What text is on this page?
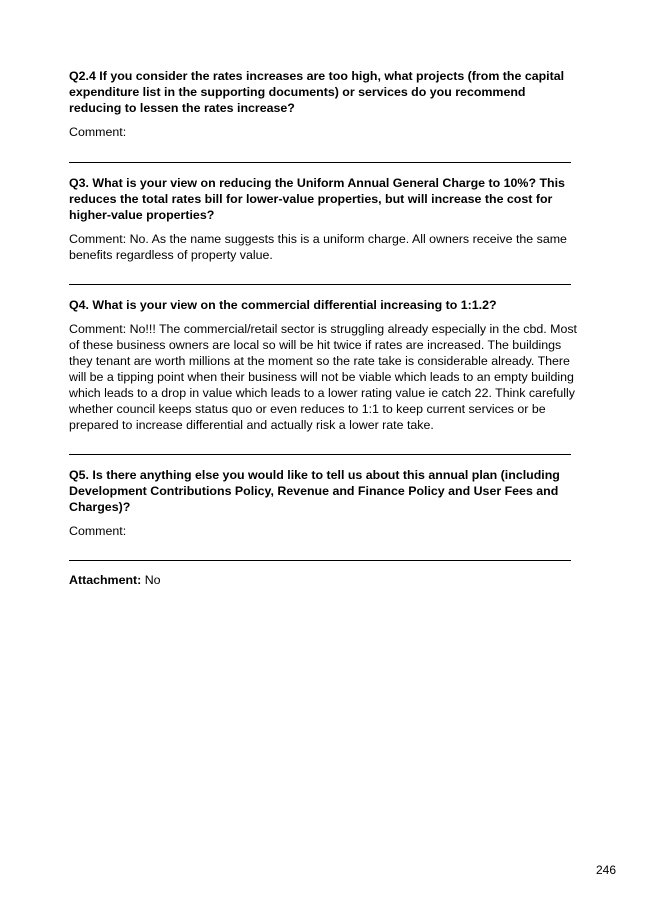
Q2.4 If you consider the rates increases are too high, what projects (from the capital expenditure list in the supporting documents) or services do you recommend reducing to lessen the rates increase?

Comment:

Q3. What is your view on reducing the Uniform Annual General Charge to 10%? This reduces the total rates bill for lower-value properties, but will increase the cost for higher-value properties?

Comment: No. As the name suggests this is a uniform charge. All owners receive the same benefits regardless of property value.

Q4. What is your view on the commercial differential increasing to 1:1.2?

Comment: No!!! The commercial/retail sector is struggling already especially in the cbd. Most of these business owners are local so will be hit twice if rates are increased. The buildings they tenant are worth millions at the moment so the rate take is considerable already. There will be a tipping point when their business will not be viable which leads to an empty building which leads to a drop in value which leads to a lower rating value ie catch 22. Think carefully whether council keeps status quo or even reduces to 1:1 to keep current services or be prepared to increase differential and actually risk a lower rate take.

Q5. Is there anything else you would like to tell us about this annual plan (including Development Contributions Policy, Revenue and Finance Policy and User Fees and Charges)?

Comment:

Attachment: No

246
